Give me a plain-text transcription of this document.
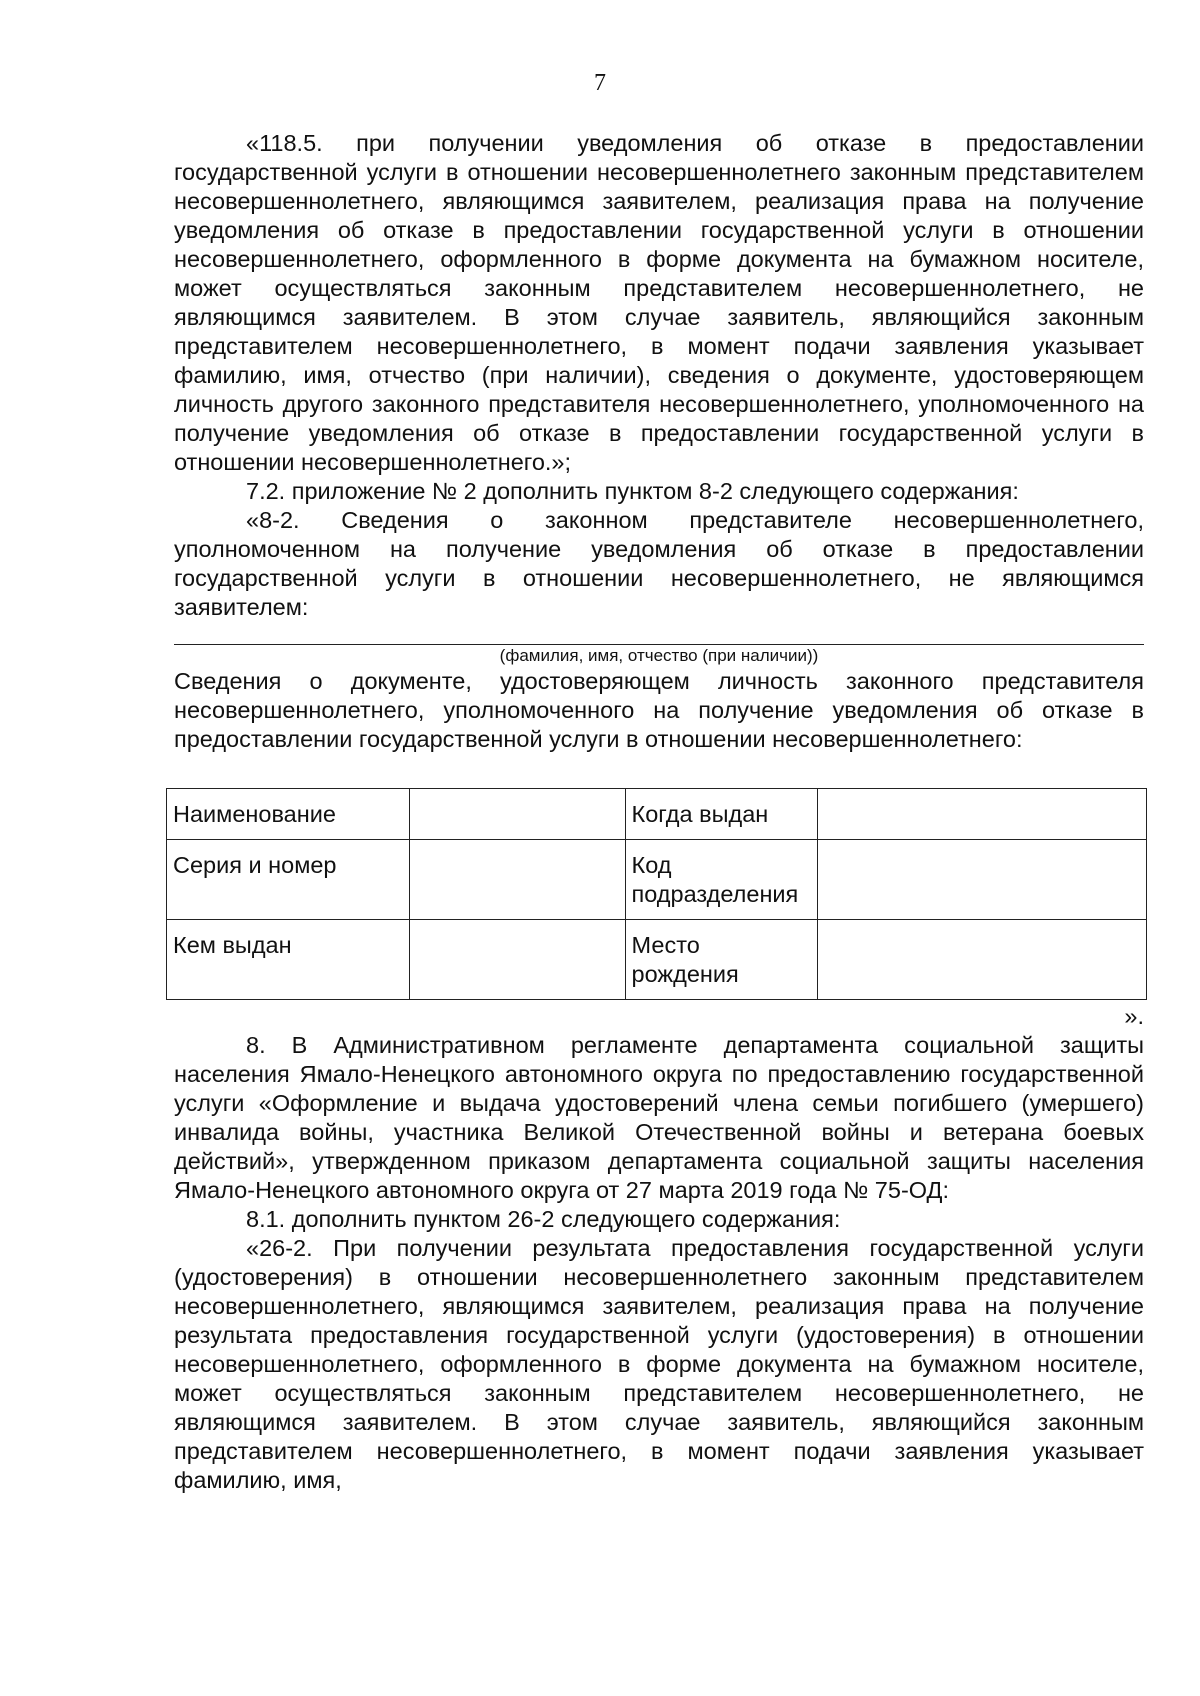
7

«118.5. при получении уведомления об отказе в предоставлении государственной услуги в отношении несовершеннолетнего законным представителем несовершеннолетнего, являющимся заявителем, реализация права на получение уведомления об отказе в предоставлении государственной услуги в отношении несовершеннолетнего, оформленного в форме документа на бумажном носителе, может осуществляться законным представителем несовершеннолетнего, не являющимся заявителем. В этом случае заявитель, являющийся законным представителем несовершеннолетнего, в момент подачи заявления указывает фамилию, имя, отчество (при наличии), сведения о документе, удостоверяющем личность другого законного представителя несовершеннолетнего, уполномоченного на получение уведомления об отказе в предоставлении государственной услуги в отношении несовершеннолетнего.»;

7.2. приложение № 2 дополнить пунктом 8-2 следующего содержания:

«8-2. Сведения о законном представителе несовершеннолетнего, уполномоченном на получение уведомления об отказе в предоставлении государственной услуги в отношении несовершеннолетнего, не являющимся заявителем:

(фамилия, имя, отчество (при наличии))

Сведения о документе, удостоверяющем личность законного представителя несовершеннолетнего, уполномоченного на получение уведомления об отказе в предоставлении государственной услуги в отношении несовершеннолетнего:

Наименование		Когда выдан	
Серия и номер		Код подразделения	
Кем выдан		Место рождения	
».

8. В Административном регламенте департамента социальной защиты населения Ямало-Ненецкого автономного округа по предоставлению государственной услуги «Оформление и выдача удостоверений члена семьи погибшего (умершего) инвалида войны, участника Великой Отечественной войны и ветерана боевых действий», утвержденном приказом департамента социальной защиты населения Ямало-Ненецкого автономного округа от 27 марта 2019 года № 75-ОД:

8.1. дополнить пунктом 26-2 следующего содержания:

«26-2. При получении результата предоставления государственной услуги (удостоверения) в отношении несовершеннолетнего законным представителем несовершеннолетнего, являющимся заявителем, реализация права на получение результата предоставления государственной услуги (удостоверения) в отношении несовершеннолетнего, оформленного в форме документа на бумажном носителе, может осуществляться законным представителем несовершеннолетнего, не являющимся заявителем. В этом случае заявитель, являющийся законным представителем несовершеннолетнего, в момент подачи заявления указывает фамилию, имя,
